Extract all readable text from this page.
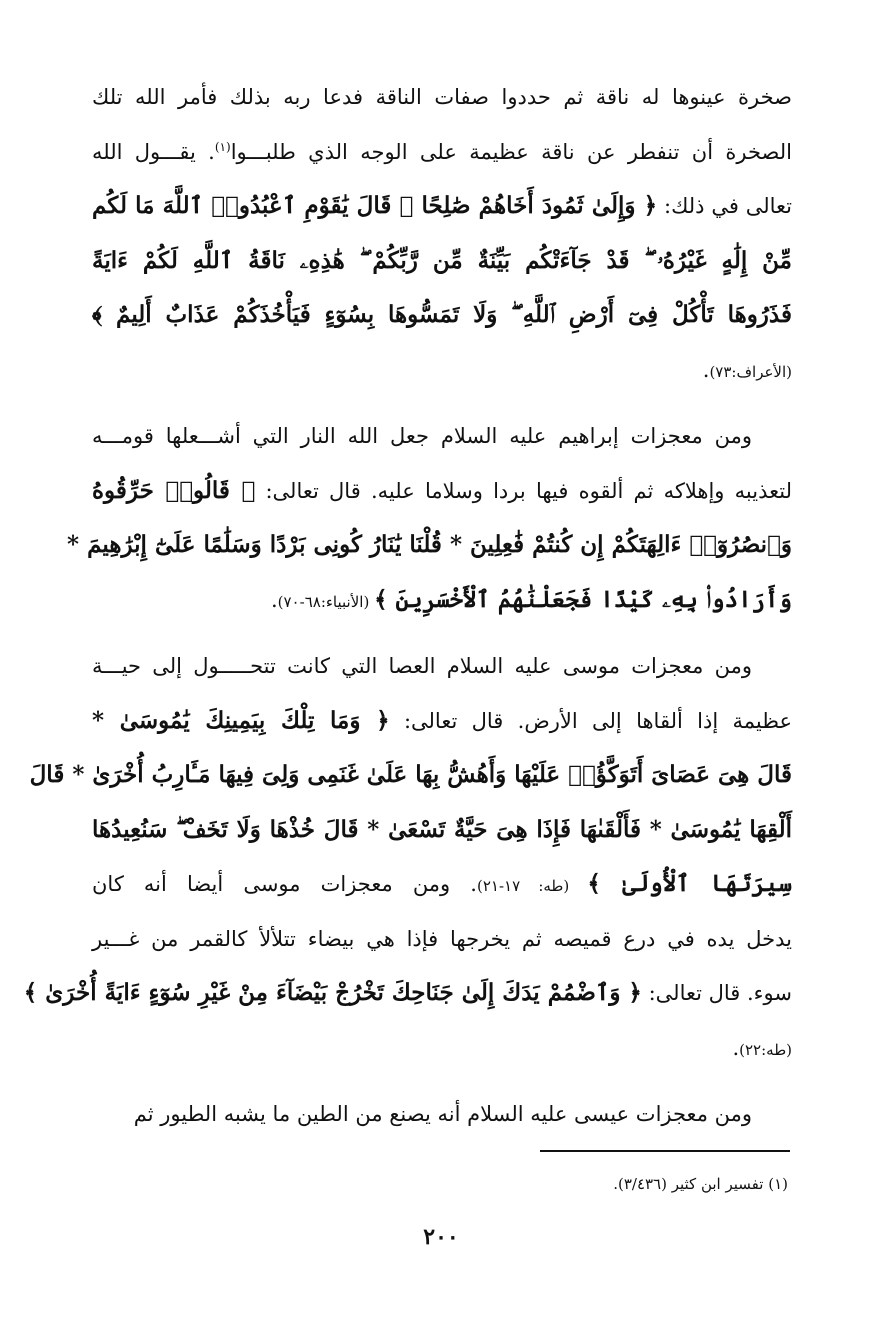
صخرة عينوها له ناقة ثم حددوا صفات الناقة فدعا ربه بذلك فأمر الله تلك
الصخرة أن تنفطر عن ناقة عظيمة على الوجه الذي طلبـــوا$^{(١)}$. يقـــول الله
تعالى في ذلك: ﴿ وَإِلَىٰ ثَمُودَ أَخَاهُمْ صَٰلِحًا ۗ قَالَ يَٰقَوْمِ ٱعْبُدُوا۟ ٱللَّهَ مَا لَكُم
مِّنْ إِلَٰهٍ غَيْرُهُۥ ۖ قَدْ جَآءَتْكُم بَيِّنَةٌ مِّن رَّبِّكُمْ ۖ هَٰذِهِۦ نَاقَةُ ٱللَّهِ لَكُمْ ءَايَةً
فَذَرُوهَا تَأْكُلْ فِىٓ أَرْضِ ٱللَّهِ ۖ وَلَا تَمَسُّوهَا بِسُوٓءٍ فَيَأْخُذَكُمْ عَذَابٌ أَلِيمٌ ﴾
(الأعراف:٧٣).
ومن معجزات إبراهيم عليه السلام جعل الله النار التي أشـــعلها قومـــه
لتعذيبه وإهلاكه ثم ألقوه فيها بردا وسلاما عليه. قال تعالى: ﴿ قَالُوا۟ حَرِّقُوهُ
وَٱنصُرُوٓا۟ ءَالِهَتَكُمْ إِن كُنتُمْ فَٰعِلِينَ * قُلْنَا يَٰنَارُ كُونِى بَرْدًا وَسَلَٰمًا عَلَىٰٓ إِبْرَٰهِيمَ *
وَأَرَادُوا۟ بِهِۦ كَيْدًا فَجَعَلْنَٰهُمُ ٱلْأَخْسَرِينَ ﴾ (الأنبياء:٦٨-٧٠).
ومن معجزات موسى عليه السلام العصا التي كانت تتحـــــول إلى حيـــة
عظيمة إذا ألقاها إلى الأرض. قال تعالى: ﴿ وَمَا تِلْكَ بِيَمِينِكَ يَٰمُوسَىٰ *
قَالَ هِىَ عَصَاىَ أَتَوَكَّؤُا۟ عَلَيْهَا وَأَهُشُّ بِهَا عَلَىٰ غَنَمِى وَلِىَ فِيهَا مَـَٔارِبُ أُخْرَىٰ * قَالَ
أَلْقِهَا يَٰمُوسَىٰ * فَأَلْقَىٰهَا فَإِذَا هِىَ حَيَّةٌ تَسْعَىٰ * قَالَ خُذْهَا وَلَا تَخَفْ ۖ سَنُعِيدُهَا
سِيرَتَهَا ٱلْأُولَىٰ ﴾ (طه: ١٧-٢١). ومن معجزات موسى أيضا أنه كان
يدخل يده في درع قميصه ثم يخرجها فإذا هي بيضاء تتلألأ كالقمر من غـــير
سوء. قال تعالى: ﴿ وَٱضْمُمْ يَدَكَ إِلَىٰ جَنَاحِكَ تَخْرُجْ بَيْضَآءَ مِنْ غَيْرِ سُوٓءٍ ءَايَةً أُخْرَىٰ ﴾
(طه:٢٢).
ومن معجزات عيسى عليه السلام أنه يصنع من الطين ما يشبه الطيور ثم
(١) تفسير ابن كثير (٣/٤٣٦).
٢٠٠
